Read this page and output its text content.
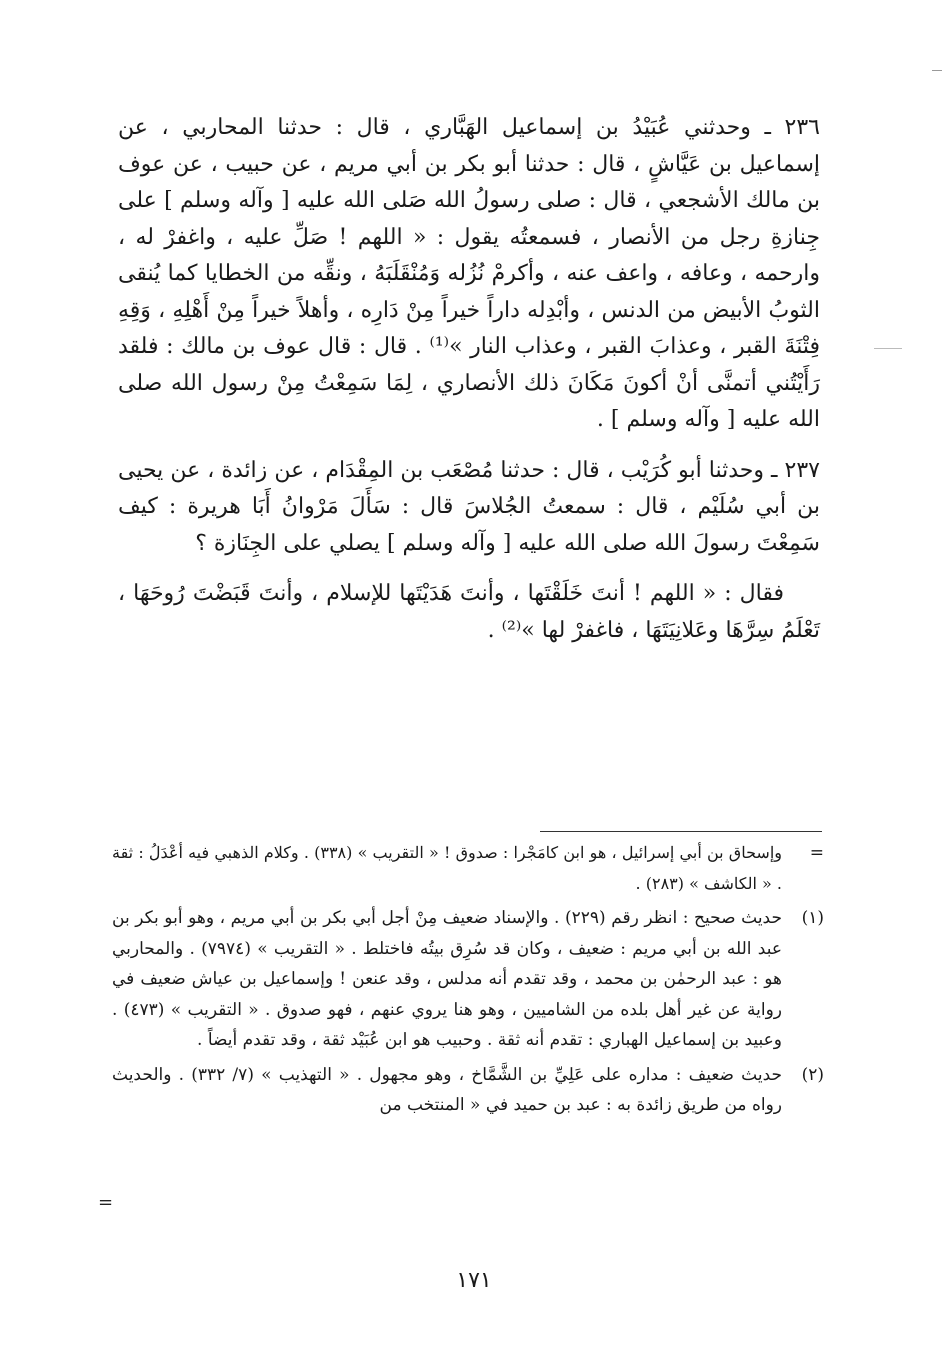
٢٣٦ ـ وحدثني عُبَيْدُ بن إسماعيل الهَبَّاري ، قال : حدثنا المحاربي ، عن إسماعيل بن عَيَّاشٍ ، قال : حدثنا أبو بكر بن أبي مريم ، عن حبيب ، عن عوف بن مالك الأشجعي ، قال : صلى رسولُ الله صَلى الله عليه [ وآله وسلم ] على جِنازةِ رجل من الأنصار ، فسمعتُه يقول : « اللهم ! صَلِّ عليه ، واغفرْ له ، وارحمه ، وعافه ، واعف عنه ، وأكرمْ نُزُله وَمُنْقَلَبَهُ ، ونقِّه من الخطايا كما يُنقى الثوبُ الأبيض من الدنس ، وأبْدِله داراً خيراً مِنْ دَارِه ، وأهلاً خيراً مِنْ أَهْلِهِ ، وَقِهِ فِتْنَةَ القبر ، وعذابَ القبر ، وعذاب النار »⁽¹⁾ . قال : قال عوف بن مالك : فلقد رَأَيْتُني أتمنَّى أنْ أكونَ مَكَانَ ذلك الأنصاري ، لِمَا سَمِعْتُ مِنْ رسول الله صلى الله عليه [ وآله وسلم ] .

٢٣٧ ـ وحدثنا أبو كُرَيْب ، قال : حدثنا مُصْعَب بن المِقْدَام ، عن زائدة ، عن يحيى بن أبي سُلَيْم ، قال : سمعتُ الجُلاسَ قال : سَأَلَ مَرْوانُ أَبَا هريرة : كيف سَمِعْتَ رسولَ الله صلى الله عليه [ وآله وسلم ] يصلي على الجِنَازة ؟

فقال : « اللهم ! أنتَ خَلَقْتَها ، وأنتَ هَدَيْتَها للإسلام ، وأنتَ قَبَضْتَ رُوحَهَا ، تَعْلَمُ سِرَّهَا وعَلانِيَتَهَا ، فاغفرْ لها »⁽²⁾ .

=
وإسحاق بن أبي إسرائيل ، هو ابن كامَجْرا : صدوق ! « التقريب » (٣٣٨) . وكلام الذهبي فيه أعْدَلُ : ثقة . « الكاشف » (٢٨٣) .
(١)
حديث صحيح : انظر رقم (٢٢٩) . والإسناد ضعيف مِنْ أجل أبي بكر بن أبي مريم ، وهو أبو بكر بن عبد الله بن أبي مريم : ضعيف ، وكان قد سُرِق بيتُه فاختلط . « التقريب » (٧٩٧٤) . والمحاربي هو : عبد الرحمٰن بن محمد ، وقد تقدم أنه مدلس ، وقد عنعن ! وإسماعيل بن عياش ضعيف في رواية عن غير أهل بلده من الشاميين ، وهو هنا يروي عنهم ، فهو صدوق . « التقريب » (٤٧٣) . وعبيد بن إسماعيل الهباري : تقدم أنه ثقة . وحبيب هو ابن عُبَيْد ثقة ، وقد تقدم أيضاً .
(٢)
حديث ضعيف : مداره على عَلِيِّ بن الشَّمَّاخ ، وهو مجهول . « التهذيب » (٧/ ٣٣٢) . والحديث رواه من طريق زائدة به : عبد بن حميد في « المنتخب من
=
١٧١
